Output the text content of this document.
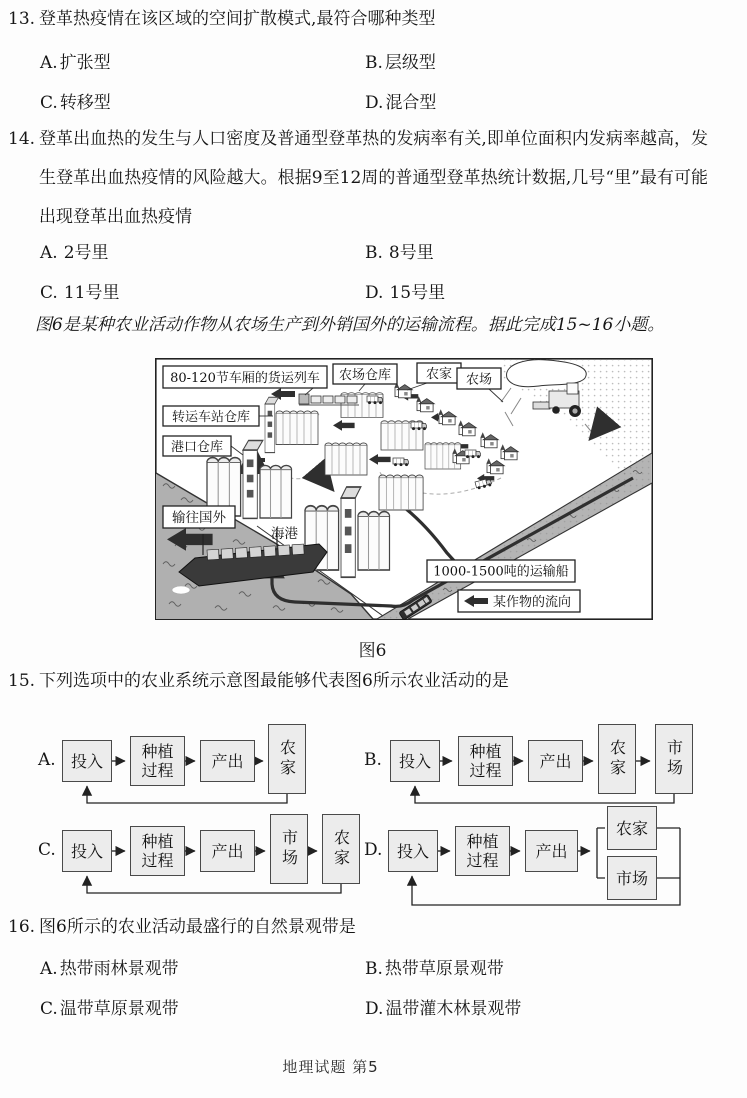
13. 登革热疫情在该区域的空间扩散模式,最符合哪种类型
A. 扩张型	B. 层级型
C. 转移型	D. 混合型
14. 登革出血热的发生与人口密度及普通型登革热的发病率有关,即单位面积内发病率越高，发生登革出血热疫情的风险越大。根据9至12周的普通型登革热统计数据,几号“里”最有可能出现登革出血热疫情
A. 2号里	B. 8号里
C. 11号里	D. 15号里
图6是某种农业活动作物从农场生产到外销国外的运输流程。据此完成15~16小题。
80-120节车厢的货运列车 农场仓库	农家 农场
转运车站仓库
港口仓库
输往国外
海港
1000-1500吨的运输船
某作物的流向
图6
15. 下列选项中的农业系统示意图最能够代表图6所示农业活动的是
A. 投入	种植过程	产出	农家	B.	投入	种植过程	产出	农家	市场
C. 投入	种植过程	产出	市场	农家 D. 投入	种植过程	产出
农家
市场
16. 图6所示的农业活动最盛行的自然景观带是
A. 热带雨林景观带	B. 热带草原景观带
C. 温带草原景观带	D. 温带灌木林景观带
地理试题 第5
